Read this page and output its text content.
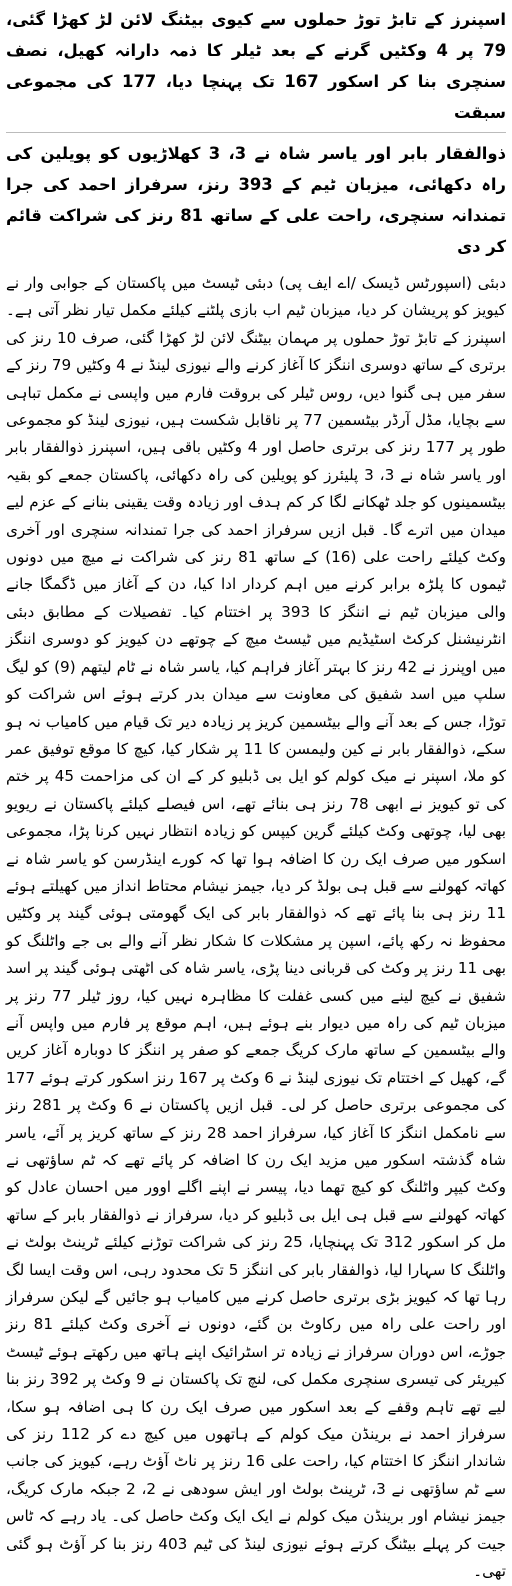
اسپنرز کے تابڑ توڑ حملوں سے کیوی بیٹنگ لائن لڑ کھڑا گئی، 79 پر 4 وکٹیں گرنے کے بعد ٹیلر کا ذمہ دارانہ کھیل، نصف سنچری بنا کر اسکور 167 تک پہنچا دیا، 177 کی مجموعی سبقت
ذوالفقار بابر اور یاسر شاہ نے 3، 3 کھلاڑیوں کو پویلین کی راہ دکھائی، میزبان ٹیم کے 393 رنز، سرفراز احمد کی جرا تمندانہ سنچری، راحت علی کے ساتھ 81 رنز کی شراکت قائم کر دی
دبئی (اسپورٹس ڈیسک /اے ایف پی) دبئی ٹیسٹ میں پاکستان کے جوابی وار نے کیویز کو پریشان کر دیا، میزبان ٹیم اب بازی پلٹنے کیلئے مکمل تیار نظر آتی ہے۔ اسپنرز کے تابڑ توڑ حملوں پر مہمان بیٹنگ لائن لڑ کھڑا گئی، صرف 10 رنز کی برتری کے ساتھ دوسری اننگز کا آغاز کرنے والے نیوزی لینڈ نے 4 وکٹیں 79 رنز کے سفر میں ہی گنوا دیں، روس ٹیلر کی بروقت فارم میں واپسی نے مکمل تباہی سے بچایا، مڈل آرڈر بیٹسمین 77 پر ناقابل شکست ہیں، نیوزی لینڈ کو مجموعی طور پر 177 رنز کی برتری حاصل اور 4 وکٹیں باقی ہیں، اسپنرز ذوالفقار بابر اور یاسر شاہ نے 3، 3 پلیئرز کو پویلین کی راہ دکھائی، پاکستان جمعے کو بقیہ بیٹسمینوں کو جلد ٹھکانے لگا کر کم ہدف اور زیادہ وقت یقینی بنانے کے عزم لیے میدان میں اترے گا۔ قبل ازیں سرفراز احمد کی جرا تمندانہ سنچری اور آخری وکٹ کیلئے راحت علی (16) کے ساتھ 81 رنز کی شراکت نے میچ میں دونوں ٹیموں کا پلڑہ برابر کرنے میں اہم کردار ادا کیا، دن کے آغاز میں ڈگمگا جانے والی میزبان ٹیم نے اننگز کا 393 پر اختتام کیا۔ تفصیلات کے مطابق دبئی انٹرنیشنل کرکٹ اسٹیڈیم میں ٹیسٹ میچ کے چوتھے دن کیویز کو دوسری اننگز میں اوپنرز نے 42 رنز کا بہتر آغاز فراہم کیا، یاسر شاہ نے ٹام لیتھم (9) کو لیگ سلپ میں اسد شفیق کی معاونت سے میدان بدر کرتے ہوئے اس شراکت کو توڑا، جس کے بعد آنے والے بیٹسمین کریز پر زیادہ دیر تک قیام میں کامیاب نہ ہو سکے، ذوالفقار بابر نے کین ولیمسن کا 11 پر شکار کیا، کیچ کا موقع توفیق عمر کو ملا، اسپنر نے میک کولم کو ایل بی ڈبلیو کر کے ان کی مزاحمت 45 پر ختم کی تو کیویز نے ابھی 78 رنز ہی بنائے تھے، اس فیصلے کیلئے پاکستان نے ریویو بھی لیا، چوتھی وکٹ کیلئے گرین کیپس کو زیادہ انتظار نہیں کرنا پڑا، مجموعی اسکور میں صرف ایک رن کا اضافہ ہوا تھا کہ کورے اینڈرسن کو یاسر شاہ نے کھاتہ کھولنے سے قبل ہی بولڈ کر دیا، جیمز نیشام محتاط انداز میں کھیلتے ہوئے 11 رنز ہی بنا پائے تھے کہ ذوالفقار بابر کی ایک گھومتی ہوئی گیند پر وکٹیں محفوظ نہ رکھ پائے، اسپن پر مشکلات کا شکار نظر آنے والے بی جے واٹلنگ کو بھی 11 رنز پر وکٹ کی قربانی دینا پڑی، یاسر شاہ کی اٹھتی ہوئی گیند پر اسد شفیق نے کیچ لینے میں کسی غفلت کا مظاہرہ نہیں کیا، روز ٹیلر 77 رنز پر میزبان ٹیم کی راہ میں دیوار بنے ہوئے ہیں، اہم موقع پر فارم میں واپس آنے والے بیٹسمین کے ساتھ مارک کریگ جمعے کو صفر پر اننگز کا دوبارہ آغاز کریں گے، کھیل کے اختتام تک نیوزی لینڈ نے 6 وکٹ پر 167 رنز اسکور کرتے ہوئے 177 کی مجموعی برتری حاصل کر لی۔ قبل ازیں پاکستان نے 6 وکٹ پر 281 رنز سے نامکمل اننگز کا آغاز کیا، سرفراز احمد 28 رنز کے ساتھ کریز پر آئے، یاسر شاہ گذشتہ اسکور میں مزید ایک رن کا اضافہ کر پائے تھے کہ ٹم ساؤتھی نے وکٹ کیپر واٹلنگ کو کیچ تھما دیا، پیسر نے اپنے اگلے اوور میں احسان عادل کو کھاتہ کھولنے سے قبل ہی ایل بی ڈبلیو کر دیا، سرفراز نے ذوالفقار بابر کے ساتھ مل کر اسکور 312 تک پہنچایا، 25 رنز کی شراکت توڑنے کیلئے ٹرینٹ بولٹ نے واٹلنگ کا سہارا لیا، ذوالفقار بابر کی اننگز 5 تک محدود رہی، اس وقت ایسا لگ رہا تھا کہ کیویز بڑی برتری حاصل کرنے میں کامیاب ہو جائیں گے لیکن سرفراز اور راحت علی راہ میں رکاوٹ بن گئے، دونوں نے آخری وکٹ کیلئے 81 رنز جوڑے، اس دوران سرفراز نے زیادہ تر اسٹرائیک اپنے ہاتھ میں رکھتے ہوئے ٹیسٹ کیریئر کی تیسری سنچری مکمل کی، لنچ تک پاکستان نے 9 وکٹ پر 392 رنز بنا لیے تھے تاہم وقفے کے بعد اسکور میں صرف ایک رن کا ہی اضافہ ہو سکا، سرفراز احمد نے برینڈن میک کولم کے ہاتھوں میں کیچ دے کر 112 رنز کی شاندار اننگز کا اختتام کیا، راحت علی 16 رنز پر ناٹ آؤٹ رہے، کیویز کی جانب سے ٹم ساؤتھی نے 3، ٹرینٹ بولٹ اور ایش سودھی نے 2، 2 جبکہ مارک کریگ، جیمز نیشام اور برینڈن میک کولم نے ایک ایک وکٹ حاصل کی۔ یاد رہے کہ ٹاس جیت کر پہلے بیٹنگ کرتے ہوئے نیوزی لینڈ کی ٹیم 403 رنز بنا کر آؤٹ ہو گئی تھی۔
